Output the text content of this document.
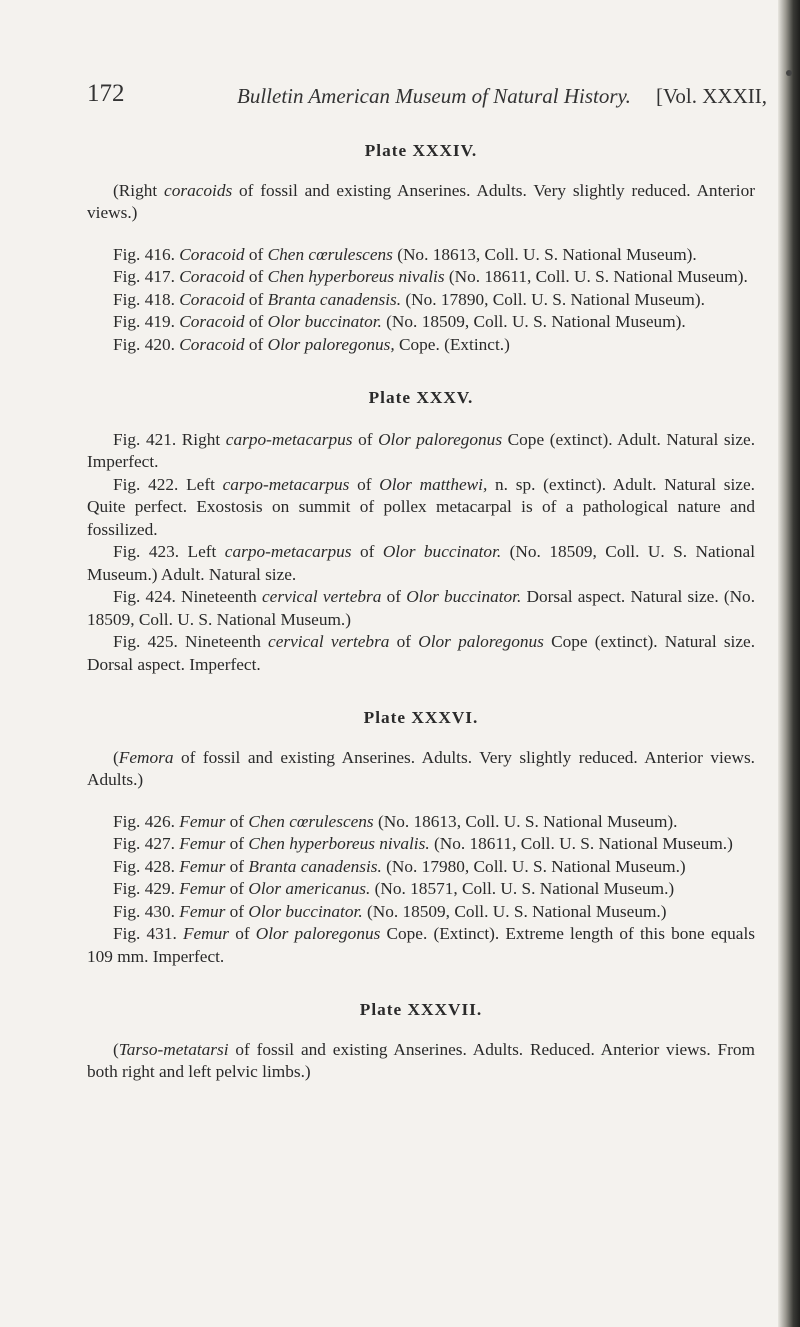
172	Bulletin American Museum of Natural History. [Vol. XXXII,
Plate XXXIV.

(Right coracoids of fossil and existing Anserines. Adults. Very slightly reduced. Anterior views.)

Fig. 416. Coracoid of Chen cœrulescens (No. 18613, Coll. U. S. National Museum).

Fig. 417. Coracoid of Chen hyperboreus nivalis (No. 18611, Coll. U. S. National Museum).

Fig. 418. Coracoid of Branta canadensis. (No. 17890, Coll. U. S. National Museum).

Fig. 419. Coracoid of Olor buccinator. (No. 18509, Coll. U. S. National Museum).

Fig. 420. Coracoid of Olor paloregonus, Cope. (Extinct.)

Plate XXXV.

Fig. 421. Right carpo-metacarpus of Olor paloregonus Cope (extinct). Adult. Natural size. Imperfect.

Fig. 422. Left carpo-metacarpus of Olor matthewi, n. sp. (extinct). Adult. Natural size. Quite perfect. Exostosis on summit of pollex metacarpal is of a pathological nature and fossilized.

Fig. 423. Left carpo-metacarpus of Olor buccinator. (No. 18509, Coll. U. S. National Museum.) Adult. Natural size.

Fig. 424. Nineteenth cervical vertebra of Olor buccinator. Dorsal aspect. Natural size. (No. 18509, Coll. U. S. National Museum.)

Fig. 425. Nineteenth cervical vertebra of Olor paloregonus Cope (extinct). Natural size. Dorsal aspect. Imperfect.

Plate XXXVI.

(Femora of fossil and existing Anserines. Adults. Very slightly reduced. Anterior views. Adults.)

Fig. 426. Femur of Chen cœrulescens (No. 18613, Coll. U. S. National Museum).

Fig. 427. Femur of Chen hyperboreus nivalis. (No. 18611, Coll. U. S. National Museum.)

Fig. 428. Femur of Branta canadensis. (No. 17980, Coll. U. S. National Museum.)

Fig. 429. Femur of Olor americanus. (No. 18571, Coll. U. S. National Museum.)

Fig. 430. Femur of Olor buccinator. (No. 18509, Coll. U. S. National Museum.)

Fig. 431. Femur of Olor paloregonus Cope. (Extinct). Extreme length of this bone equals 109 mm. Imperfect.

Plate XXXVII.

(Tarso-metatarsi of fossil and existing Anserines. Adults. Reduced. Anterior views. From both right and left pelvic limbs.)
